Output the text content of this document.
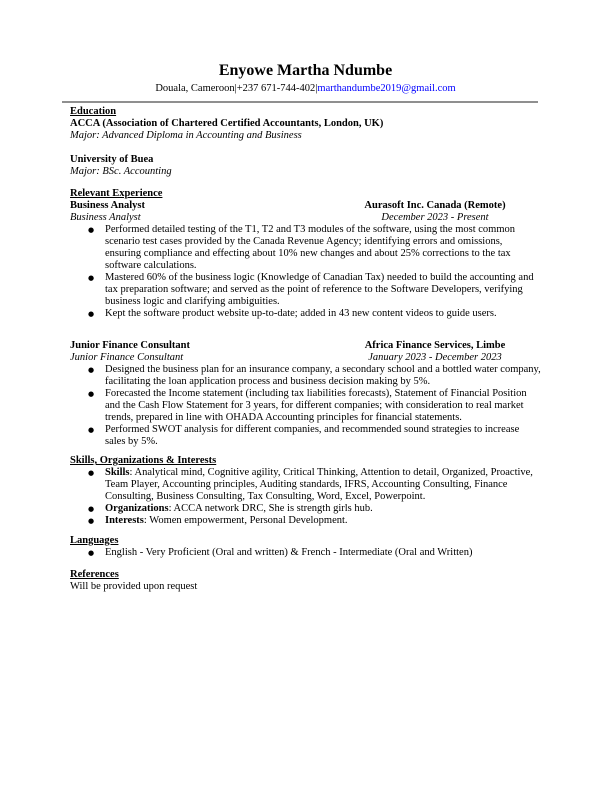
Enyowe Martha Ndumbe
Douala, Cameroon|+237 671-744-402|marthandumbe2019@gmail.com
Education
ACCA (Association of Chartered Certified Accountants, London, UK)
Major: Advanced Diploma in Accounting and Business
University of Buea
Major: BSc. Accounting
Relevant Experience
Business Analyst	Aurasoft Inc. Canada (Remote)
Business Analyst	December 2023 - Present
●	Performed detailed testing of the T1, T2 and T3 modules of the software, using the most common scenario test cases provided by the Canada Revenue Agency; identifying errors and omissions, ensuring compliance and effecting about 10% new changes and about 25% corrections to the tax software calculations.
●	Mastered 60% of the business logic (Knowledge of Canadian Tax) needed to build the accounting and tax preparation software; and served as the point of reference to the Software Developers, verifying business logic and clarifying ambiguities.
●	Kept the software product website up-to-date; added in 43 new content videos to guide users.
Junior Finance Consultant	Africa Finance Services, Limbe
Junior Finance Consultant	January 2023 - December 2023
●	Designed the business plan for an insurance company, a secondary school and a bottled water company, facilitating the loan application process and business decision making by 5%.
●	Forecasted the Income statement (including tax liabilities forecasts), Statement of Financial Position and the Cash Flow Statement for 3 years, for different companies; with consideration to real market trends, prepared in line with OHADA Accounting principles for financial statements.
●	Performed SWOT analysis for different companies, and recommended sound strategies to increase sales by 5%.
Skills, Organizations & Interests
●	Skills: Analytical mind, Cognitive agility, Critical Thinking, Attention to detail, Organized, Proactive, Team Player, Accounting principles, Auditing standards, IFRS, Accounting Consulting, Finance Consulting, Business Consulting, Tax Consulting, Word, Excel, Powerpoint.
●	Organizations: ACCA network DRC, She is strength girls hub.
●	Interests: Women empowerment, Personal Development.
Languages
●	English - Very Proficient (Oral and written) & French - Intermediate (Oral and Written)
References
Will be provided upon request
